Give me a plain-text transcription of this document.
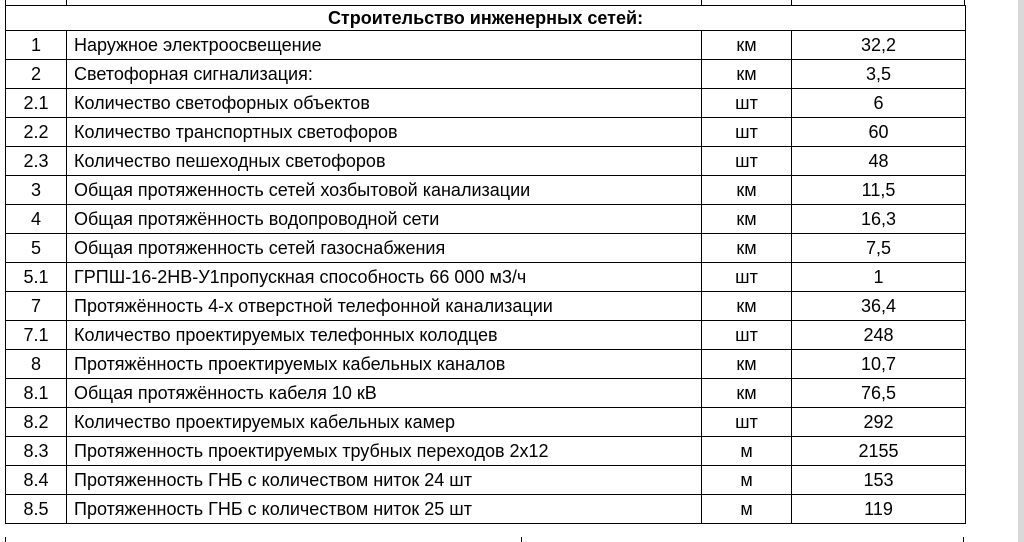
Строительство инженерных сетей:			
1	Наружное электроосвещение	км	32,2
2	Светофорная сигнализация:	км	3,5
2.1	Количество светофорных объектов	шт	6
2.2	Количество транспортных светофоров	шт	60
2.3	Количество пешеходных светофоров	шт	48
3	Общая протяженность сетей хозбытовой канализации	км	11,5
4	Общая протяжённость водопроводной сети	км	16,3
5	Общая протяженность сетей газоснабжения	км	7,5
5.1	ГРПШ-16-2НВ-У1пропускная способность 66 000 м3/ч	шт	1
7	Протяжённость 4-х отверстной телефонной канализации	км	36,4
7.1	Количество проектируемых телефонных колодцев	шт	248
8	Протяжённость проектируемых кабельных каналов	км	10,7
8.1	Общая протяжённость кабеля 10 кВ	км	76,5
8.2	Количество проектируемых кабельных камер	шт	292
8.3	Протяженность проектируемых трубных переходов 2х12	м	2155
8.4	Протяженность ГНБ с количеством ниток 24 шт	м	153
8.5	Протяженность ГНБ с количеством ниток 25 шт	м	119
